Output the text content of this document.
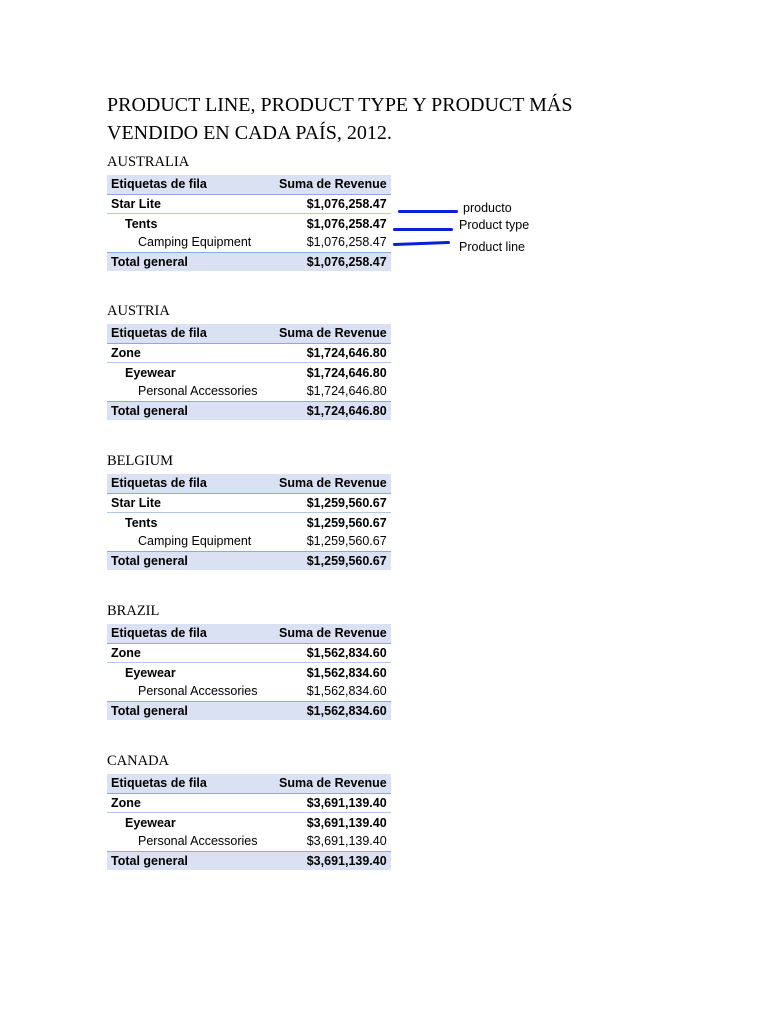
PRODUCT LINE, PRODUCT TYPE Y PRODUCT MÁS VENDIDO EN CADA PAÍS, 2012.
AUSTRALIA
Etiquetas de fila	Suma de Revenue
Star Lite	$1,076,258.47
Tents	$1,076,258.47
Camping Equipment	$1,076,258.47
Total general	$1,076,258.47
producto
Product type
Product line
AUSTRIA
Etiquetas de fila	Suma de Revenue
Zone	$1,724,646.80
Eyewear	$1,724,646.80
Personal Accessories	$1,724,646.80
Total general	$1,724,646.80
BELGIUM
Etiquetas de fila	Suma de Revenue
Star Lite	$1,259,560.67
Tents	$1,259,560.67
Camping Equipment	$1,259,560.67
Total general	$1,259,560.67
BRAZIL
Etiquetas de fila	Suma de Revenue
Zone	$1,562,834.60
Eyewear	$1,562,834.60
Personal Accessories	$1,562,834.60
Total general	$1,562,834.60
CANADA
Etiquetas de fila	Suma de Revenue
Zone	$3,691,139.40
Eyewear	$3,691,139.40
Personal Accessories	$3,691,139.40
Total general	$3,691,139.40
